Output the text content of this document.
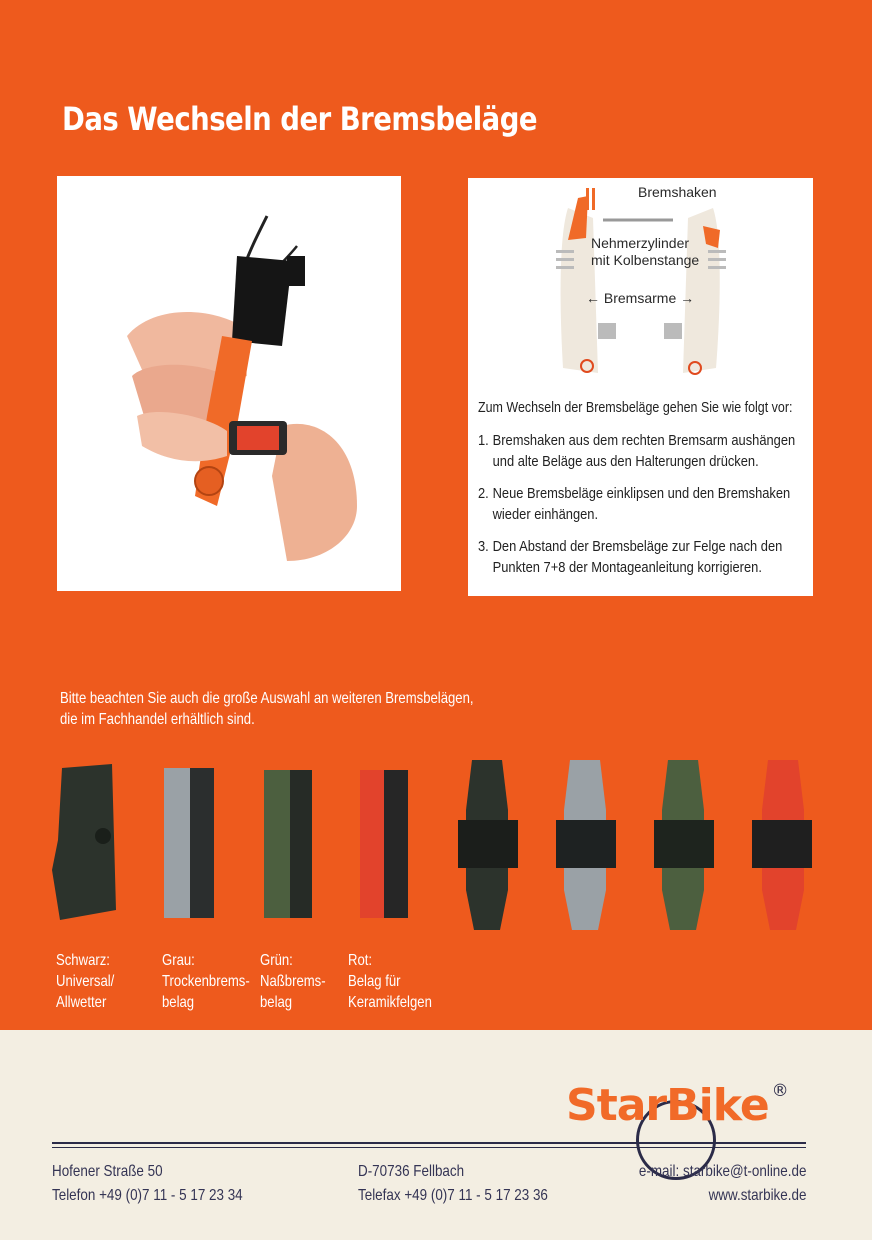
Das Wechseln der Bremsbeläge
Bremshaken
Nehmerzylinder
mit Kolbenstange
← Bremsarme →
Zum Wechseln der Bremsbeläge gehen Sie wie folgt vor:
1. Bremshaken aus dem rechten Bremsarm aushängen
und alte Beläge aus den Halterungen drücken.
2. Neue Bremsbeläge einklipsen und den Bremshaken
wieder einhängen.
3. Den Abstand der Bremsbeläge zur Felge nach den
Punkten 7+8 der Montageanleitung korrigieren.
Bitte beachten Sie auch die große Auswahl an weiteren Bremsbelägen,
die im Fachhandel erhältlich sind.
Schwarz:
Universal/
Allwetter
Grau:
Trockenbrems-
belag
Grün:
Naßbrems-
belag
Rot:
Belag für
Keramikfelgen
StarBike ®
Hofener Straße 50
Telefon +49 (0)7 11 - 5 17 23 34
D-70736 Fellbach
Telefax +49 (0)7 11 - 5 17 23 36
e-mail: starbike@t-online.de
www.starbike.de
